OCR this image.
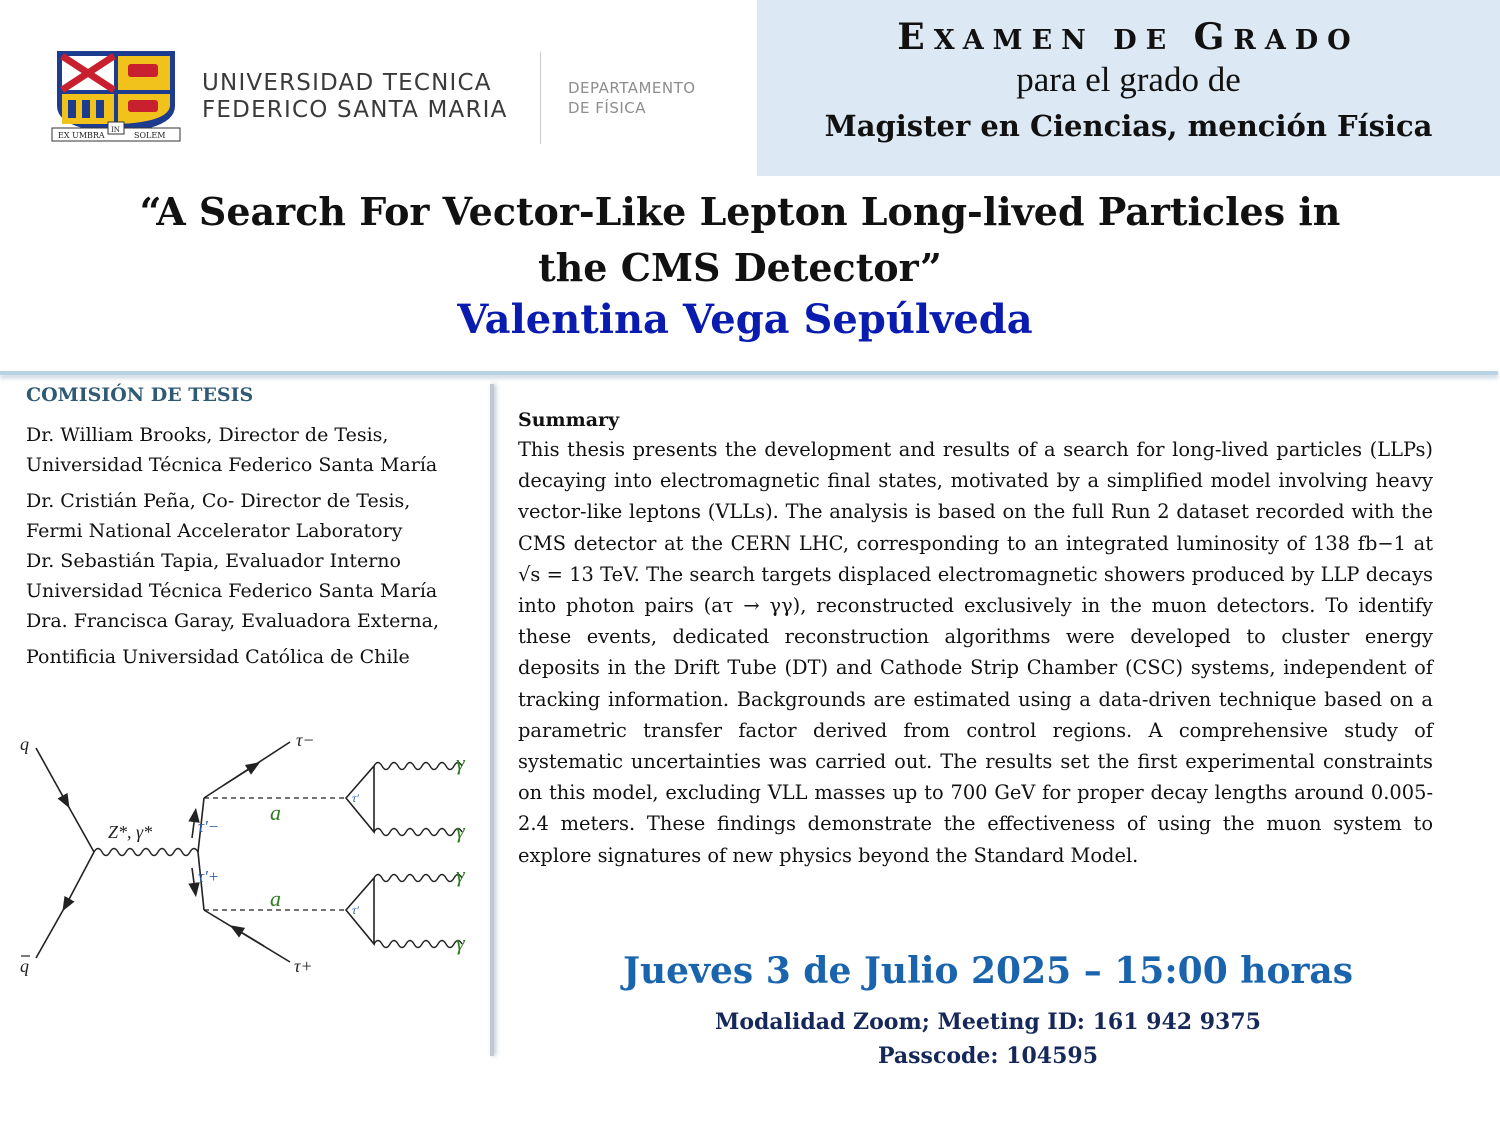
EX UMBRA
IN
SOLEM
UNIVERSIDAD TECNICA
FEDERICO SANTA MARIA
DEPARTAMENTO
DE FÍSICA
EXAMEN DE GRADO
para el grado de
Magister en Ciencias, mención Física
“A Search For Vector-Like Lepton Long-lived Particles in
the CMS Detector”
Valentina Vega Sepúlveda
COMISIÓN DE TESIS
Dr. William Brooks, Director de Tesis,
Universidad Técnica Federico Santa María
Dr. Cristián Peña, Co- Director de Tesis,
Fermi National Accelerator Laboratory
Dr. Sebastián Tapia, Evaluador Interno
Universidad Técnica Federico Santa María
Dra. Francisca Garay, Evaluadora Externa,
Pontificia Universidad Católica de Chile
q
q
Z*, γ*	τ′−
τ′+
τ−
τ+
a
a
τ′
τ′
γ
γ
γ
γ
Summary

This thesis presents the development and results of a search for long-lived particles (LLPs) decaying into electromagnetic final states, motivated by a simplified model involving heavy vector-like leptons (VLLs). The analysis is based on the full Run 2 dataset recorded with the CMS detector at the CERN LHC, corresponding to an integrated luminosity of 138 fb−1 at √s = 13 TeV. The search targets displaced electromagnetic showers produced by LLP decays into photon pairs (aτ → γγ), reconstructed exclusively in the muon detectors. To identify these events, dedicated reconstruction algorithms were developed to cluster energy deposits in the Drift Tube (DT) and Cathode Strip Chamber (CSC) systems, independent of tracking information. Backgrounds are estimated using a data-driven technique based on a parametric transfer factor derived from control regions. A comprehensive study of systematic uncertainties was carried out. The results set the first experimental constraints on this model, excluding VLL masses up to 700 GeV for proper decay lengths around 0.005-2.4 meters. These findings demonstrate the effectiveness of using the muon system to explore signatures of new physics beyond the Standard Model.

Jueves 3 de Julio 2025 – 15:00 horas
Modalidad Zoom; Meeting ID: 161 942 9375
Passcode: 104595
